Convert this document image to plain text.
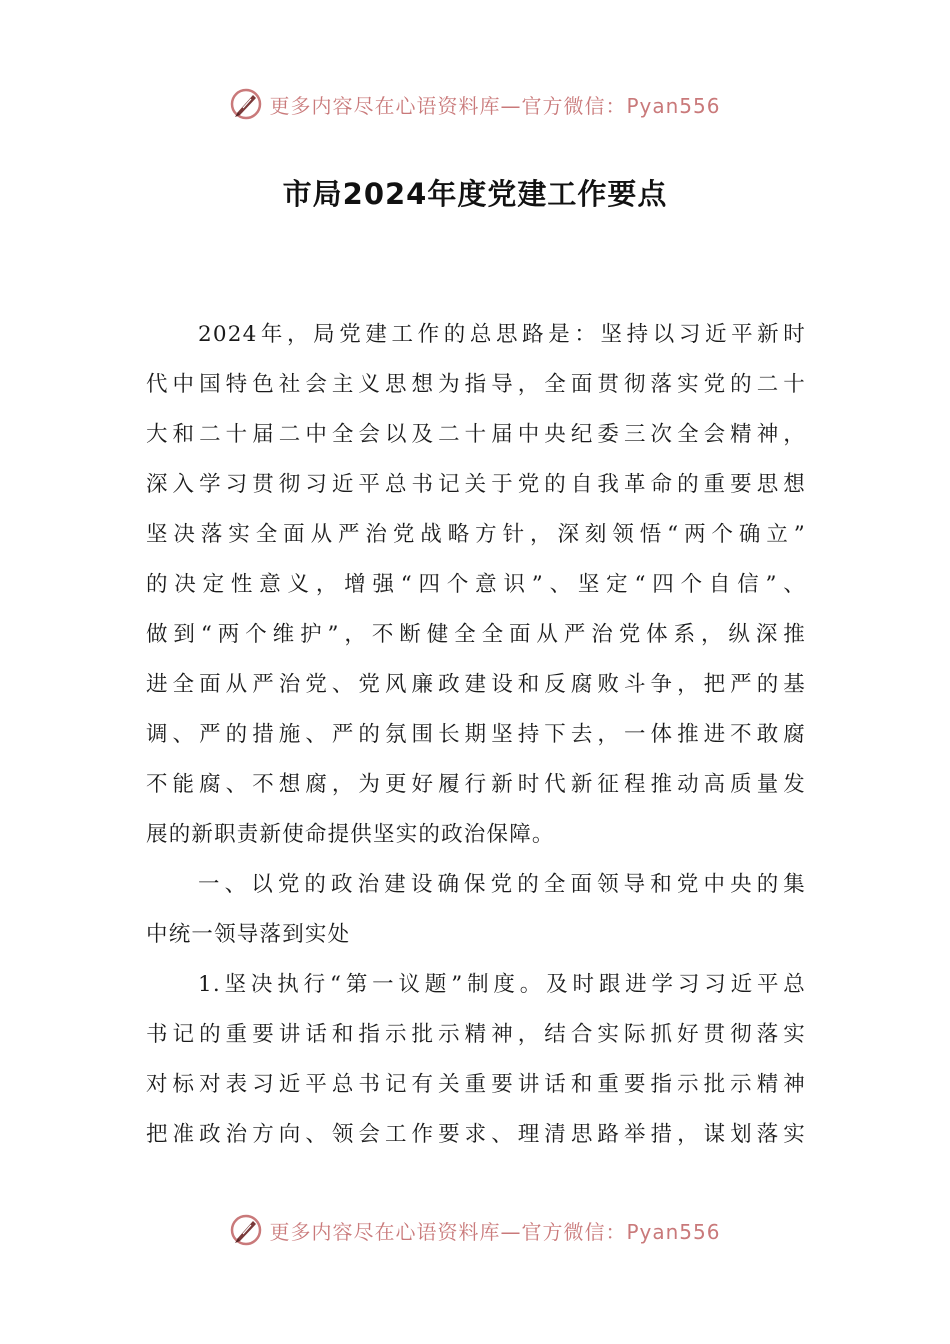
更多内容尽在心语资料库—官方微信：Pyan556
市局2024年度党建工作要点
2024年，局党建工作的总思路是：坚持以习近平新时
代中国特色社会主义思想为指导，全面贯彻落实党的二十
大和二十届二中全会以及二十届中央纪委三次全会精神，
深入学习贯彻习近平总书记关于党的自我革命的重要思想
坚决落实全面从严治党战略方针，深刻领悟“两个确立”
的决定性意义，增强“四个意识”、坚定“四个自信”、
做到“两个维护”，不断健全全面从严治党体系，纵深推
进全面从严治党、党风廉政建设和反腐败斗争，把严的基
调、严的措施、严的氛围长期坚持下去，一体推进不敢腐
不能腐、不想腐，为更好履行新时代新征程推动高质量发
展的新职责新使命提供坚实的政治保障。
一、以党的政治建设确保党的全面领导和党中央的集
中统一领导落到实处
1.坚决执行“第一议题”制度。及时跟进学习习近平总
书记的重要讲话和指示批示精神，结合实际抓好贯彻落实
对标对表习近平总书记有关重要讲话和重要指示批示精神
把准政治方向、领会工作要求、理清思路举措，谋划落实
更多内容尽在心语资料库—官方微信：Pyan556
